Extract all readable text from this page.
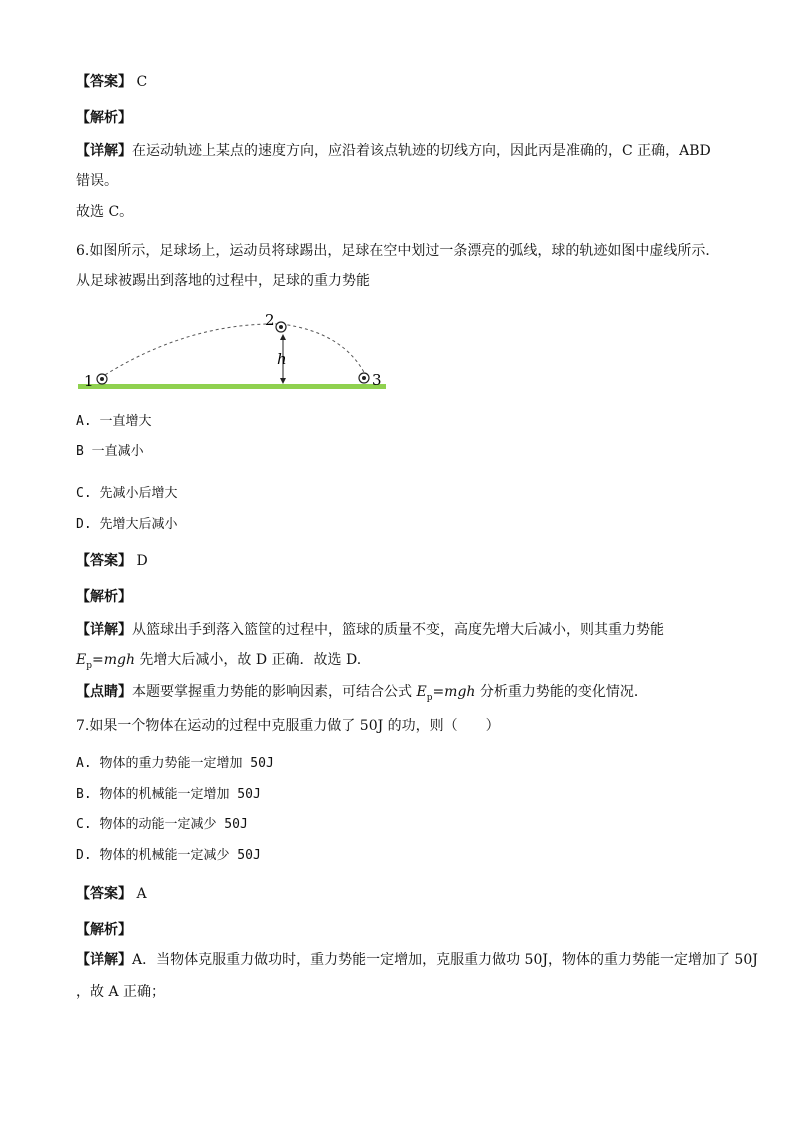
【答案】 C
【解析】
【详解】在运动轨迹上某点的速度方向，应沿着该点轨迹的切线方向，因此丙是准确的，C 正确，ABD 错误。
故选 C。
6.如图所示，足球场上，运动员将球踢出，足球在空中划过一条漂亮的弧线，球的轨迹如图中虚线所示．从足球被踢出到落地的过程中，足球的重力势能
1
2
3
h
A. 一直增大
B 一直减小
C. 先减小后增大
D. 先增大后减小
【答案】 D
【解析】
【详解】从篮球出手到落入篮筐的过程中，篮球的质量不变，高度先增大后减小，则其重力势能 $E_p=mgh$ 先增大后减小，故 D 正确．故选 D.
【点睛】本题要掌握重力势能的影响因素，可结合公式 $E_p=mgh$ 分析重力势能的变化情况．
7.如果一个物体在运动的过程中克服重力做了 50J 的功，则（　　）
A. 物体的重力势能一定增加 50J
B. 物体的机械能一定增加 50J
C. 物体的动能一定减少 50J
D. 物体的机械能一定减少 50J
【答案】 A
【解析】
【详解】A．当物体克服重力做功时，重力势能一定增加，克服重力做功 50J，物体的重力势能一定增加了 50J
，故 A 正确；
